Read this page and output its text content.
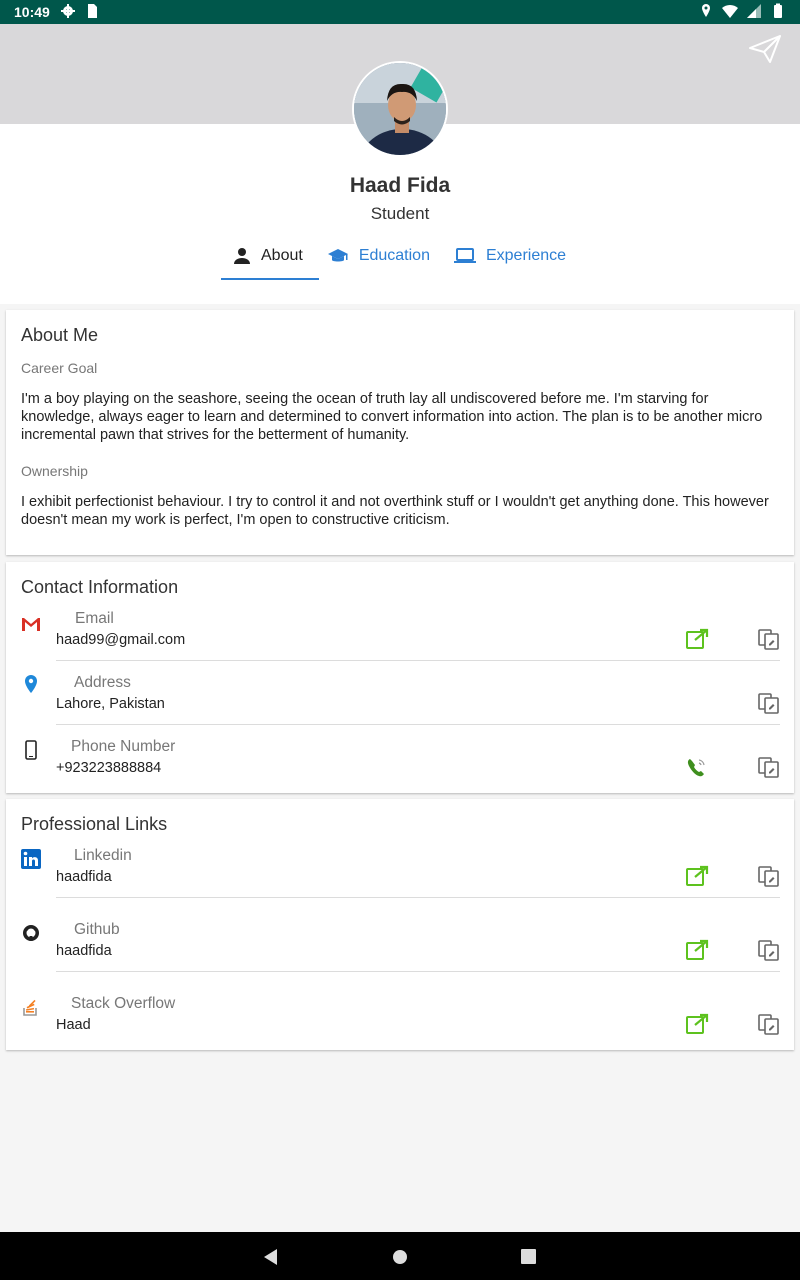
10:49
Haad Fida
Student
About	Education	Experience
About Me
Career Goal
I'm a boy playing on the seashore, seeing the ocean of truth lay all undiscovered before me. I'm starving for knowledge, always eager to learn and determined to convert information into action. The plan is to be another micro incremental pawn that strives for the betterment of humanity.
Ownership
I exhibit perfectionist behaviour. I try to control it and not overthink stuff or I wouldn't get anything done. This however doesn't mean my work is perfect, I'm open to constructive criticism.
Contact Information
Email
haad99@gmail.com
Address
Lahore, Pakistan
Phone Number
+923223888884
Professional Links
Linkedin
haadfida
Github
haadfida
Stack Overflow
Haad
